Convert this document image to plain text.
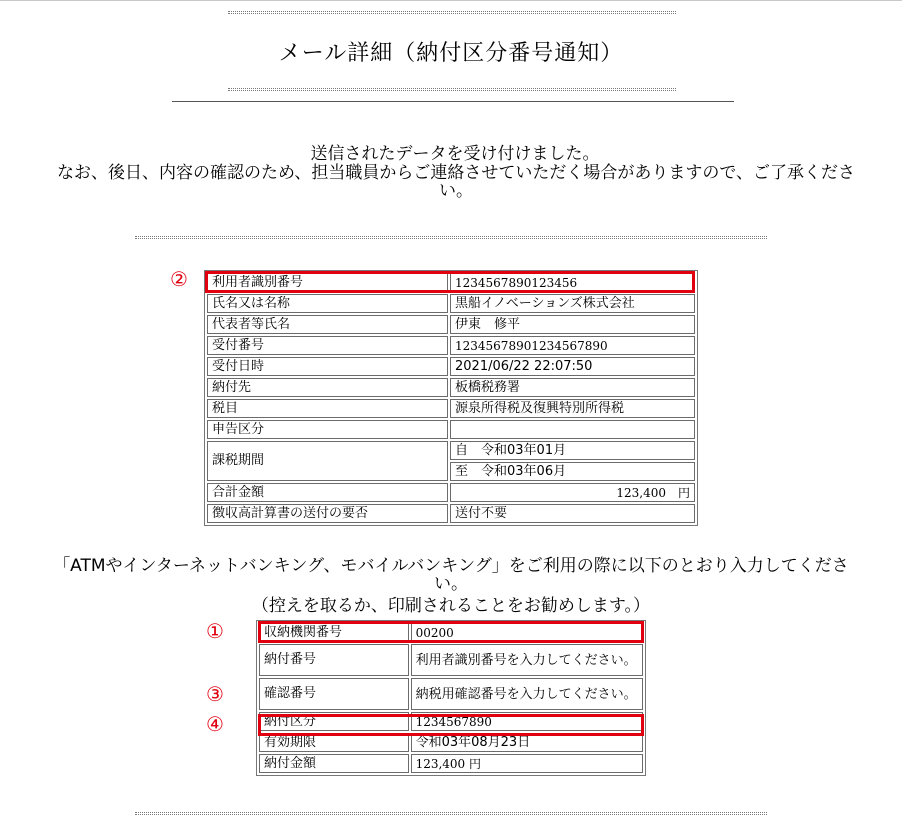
メール詳細（納付区分番号通知）
送信されたデータを受け付けました。
なお、後日、内容の確認のため、担当職員からご連絡させていただく場合がありますので、ご了承ください。
② 利用者識別番号	1234567890123456
氏名又は名称	黒船イノベーションズ株式会社
代表者等氏名	伊東　修平
受付番号	12345678901234567890
受付日時	2021/06/22 22:07:50
納付先	板橋税務署
税目	源泉所得税及復興特別所得税
申告区分	
課税期間	自　令和03年01月
	至　令和03年06月
合計金額	123,400　円
徴収高計算書の送付の要否	送付不要
「ATMやインターネットバンキング、モバイルバンキング」をご利用の際に以下のとおり入力してください。
（控えを取るか、印刷されることをお勧めします。）
①
③
④
収納機関番号	00200
納付番号	利用者識別番号を入力してください。
確認番号	納税用確認番号を入力してください。
納付区分	1234567890
有効期限	令和03年08月23日
納付金額	123,400 円
